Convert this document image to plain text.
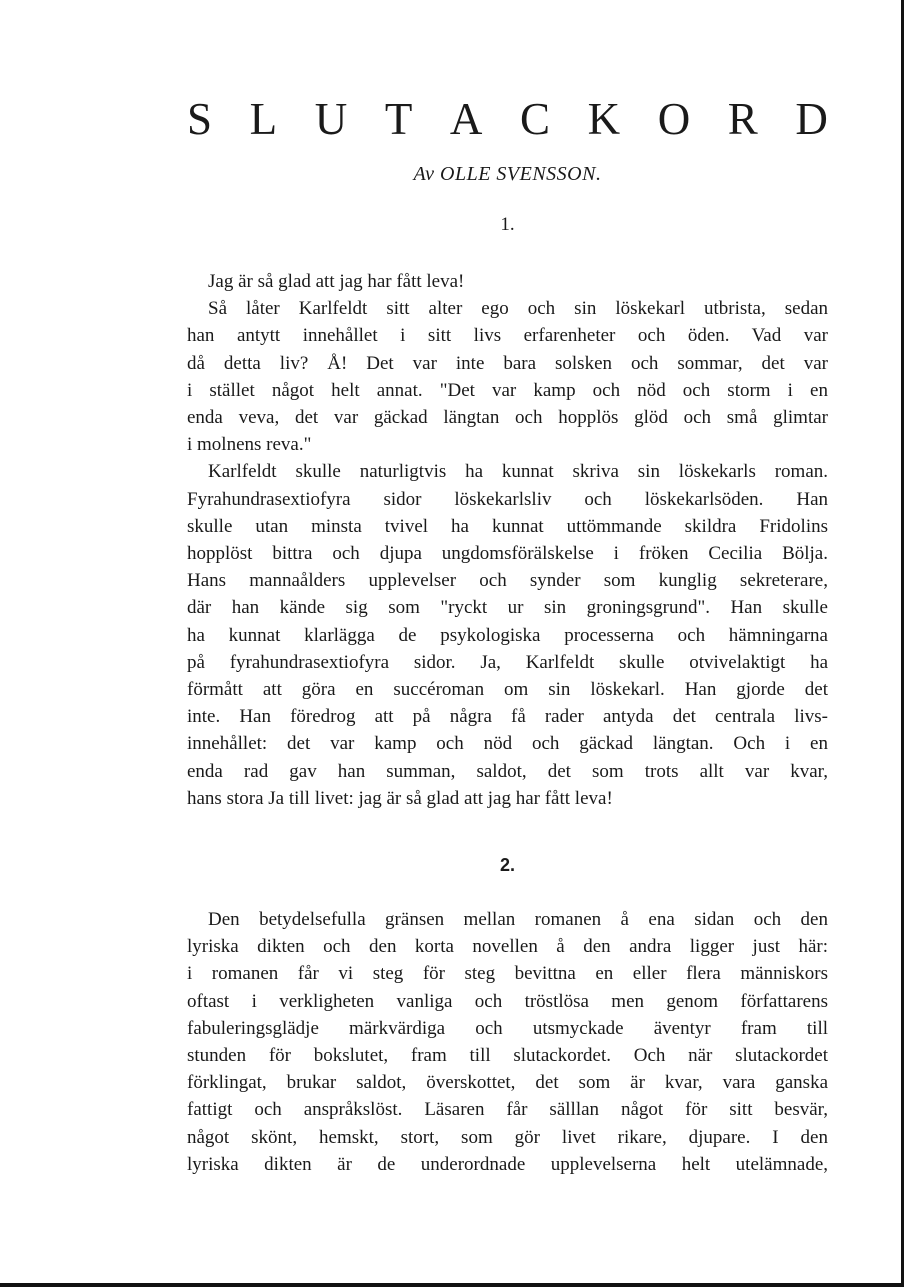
S L U T A C K O R D
Av OLLE SVENSSON.
1.

Jag är så glad att jag har fått leva!

Så låter Karlfeldt sitt alter ego och sin löskekarl utbrista, sedan
han antytt innehållet i sitt livs erfarenheter och öden. Vad var
då detta liv? Å! Det var inte bara solsken och sommar, det var
i stället något helt annat. "Det var kamp och nöd och storm i en
enda veva, det var gäckad längtan och hopplös glöd och små glimtar
i molnens reva."

Karlfeldt skulle naturligtvis ha kunnat skriva sin löskekarls roman.
Fyrahundrasextiofyra sidor löskekarlsliv och löskekarlsöden. Han
skulle utan minsta tvivel ha kunnat uttömmande skildra Fridolins
hopplöst bittra och djupa ungdomsförälskelse i fröken Cecilia Bölja.
Hans mannaålders upplevelser och synder som kunglig sekreterare,
där han kände sig som "ryckt ur sin groningsgrund". Han skulle
ha kunnat klarlägga de psykologiska processerna och hämningarna
på fyrahundrasextiofyra sidor. Ja, Karlfeldt skulle otvivelaktigt ha
förmått att göra en succéroman om sin löskekarl. Han gjorde det
inte. Han föredrog att på några få rader antyda det centrala livs-
innehållet: det var kamp och nöd och gäckad längtan. Och i en
enda rad gav han summan, saldot, det som trots allt var kvar,
hans stora Ja till livet: jag är så glad att jag har fått leva!

2.

Den betydelsefulla gränsen mellan romanen å ena sidan och den
lyriska dikten och den korta novellen å den andra ligger just här:
i romanen får vi steg för steg bevittna en eller flera människors
oftast i verkligheten vanliga och tröstlösa men genom författarens
fabuleringsglädje märkvärdiga och utsmyckade äventyr fram till
stunden för bokslutet, fram till slutackordet. Och när slutackordet
förklingat, brukar saldot, överskottet, det som är kvar, vara ganska
fattigt och anspråkslöst. Läsaren får sälllan något för sitt besvär,
något skönt, hemskt, stort, som gör livet rikare, djupare. I den
lyriska dikten är de underordnade upplevelserna helt utelämnade,
